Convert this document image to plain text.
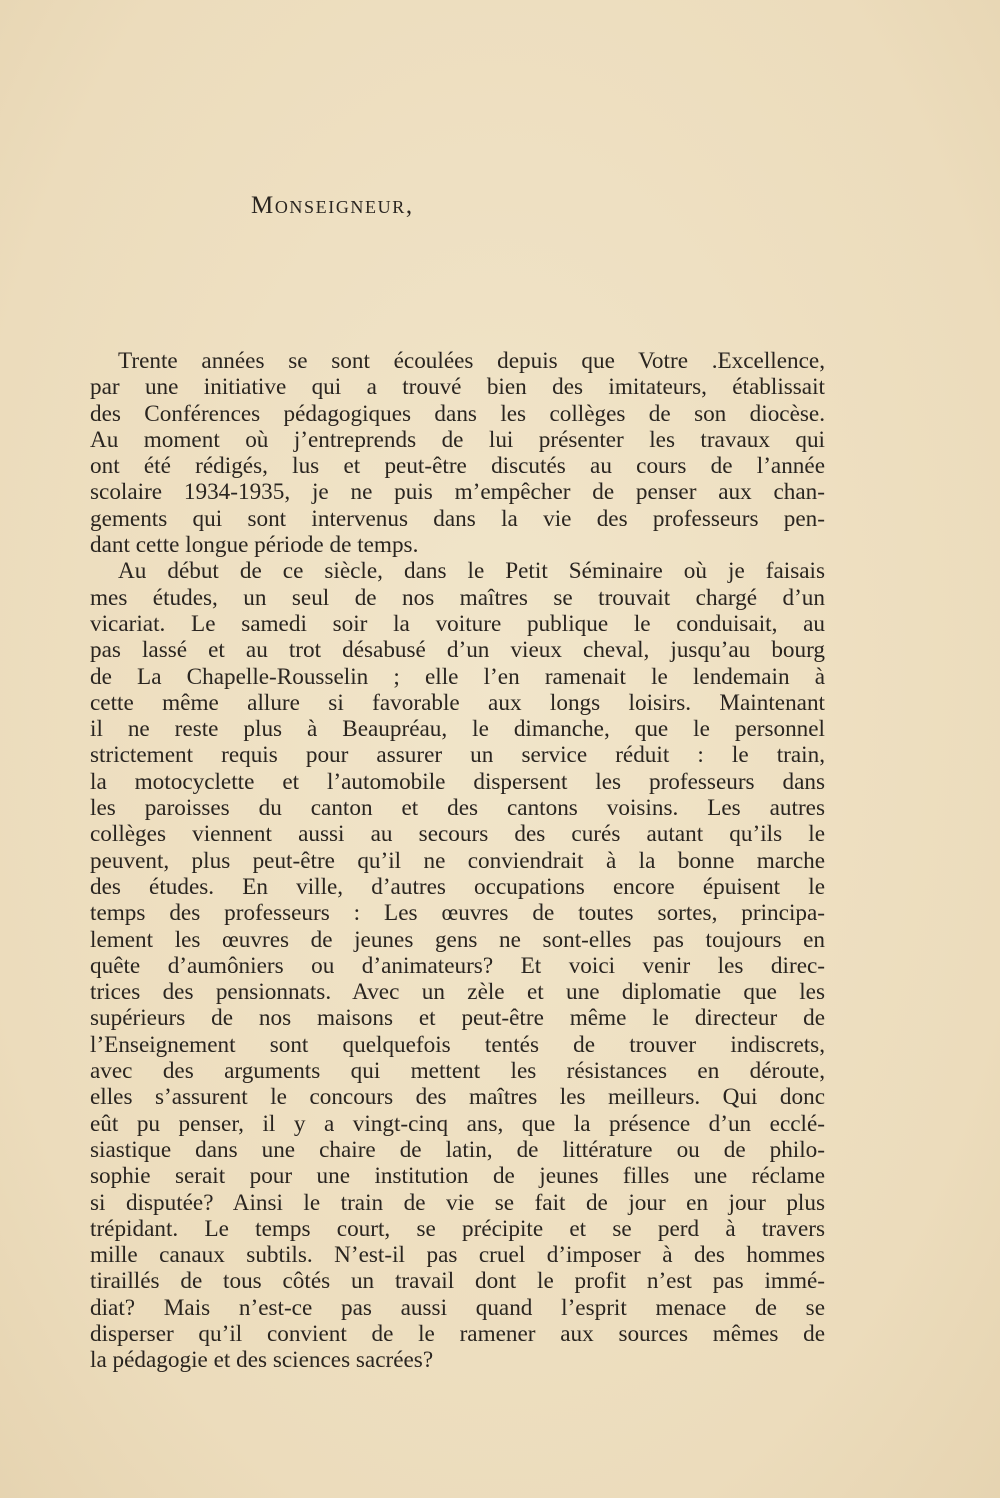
Monseigneur,

Trente années se sont écoulées depuis que Votre .Excellence,
par une initiative qui a trouvé bien des imitateurs, établissait
des Conférences pédagogiques dans les collèges de son diocèse.
Au moment où j’entreprends de lui présenter les travaux qui
ont été rédigés, lus et peut-être discutés au cours de l’année
scolaire 1934-1935, je ne puis m’empêcher de penser aux chan-
gements qui sont intervenus dans la vie des professeurs pen-
dant cette longue période de temps.
Au début de ce siècle, dans le Petit Séminaire où je faisais
mes études, un seul de nos maîtres se trouvait chargé d’un
vicariat. Le samedi soir la voiture publique le conduisait, au
pas lassé et au trot désabusé d’un vieux cheval, jusqu’au bourg
de La Chapelle-Rousselin ; elle l’en ramenait le lendemain à
cette même allure si favorable aux longs loisirs. Maintenant
il ne reste plus à Beaupréau, le dimanche, que le personnel
strictement requis pour assurer un service réduit : le train,
la motocyclette et l’automobile dispersent les professeurs dans
les paroisses du canton et des cantons voisins. Les autres
collèges viennent aussi au secours des curés autant qu’ils le
peuvent, plus peut-être qu’il ne conviendrait à la bonne marche
des études. En ville, d’autres occupations encore épuisent le
temps des professeurs : Les œuvres de toutes sortes, principa-
lement les œuvres de jeunes gens ne sont-elles pas toujours en
quête d’aumôniers ou d’animateurs? Et voici venir les direc-
trices des pensionnats. Avec un zèle et une diplomatie que les
supérieurs de nos maisons et peut-être même le directeur de
l’Enseignement sont quelquefois tentés de trouver indiscrets,
avec des arguments qui mettent les résistances en déroute,
elles s’assurent le concours des maîtres les meilleurs. Qui donc
eût pu penser, il y a vingt-cinq ans, que la présence d’un ecclé-
siastique dans une chaire de latin, de littérature ou de philo-
sophie serait pour une institution de jeunes filles une réclame
si disputée? Ainsi le train de vie se fait de jour en jour plus
trépidant. Le temps court, se précipite et se perd à travers
mille canaux subtils. N’est-il pas cruel d’imposer à des hommes
tiraillés de tous côtés un travail dont le profit n’est pas immé-
diat? Mais n’est-ce pas aussi quand l’esprit menace de se
disperser qu’il convient de le ramener aux sources mêmes de
la pédagogie et des sciences sacrées?
